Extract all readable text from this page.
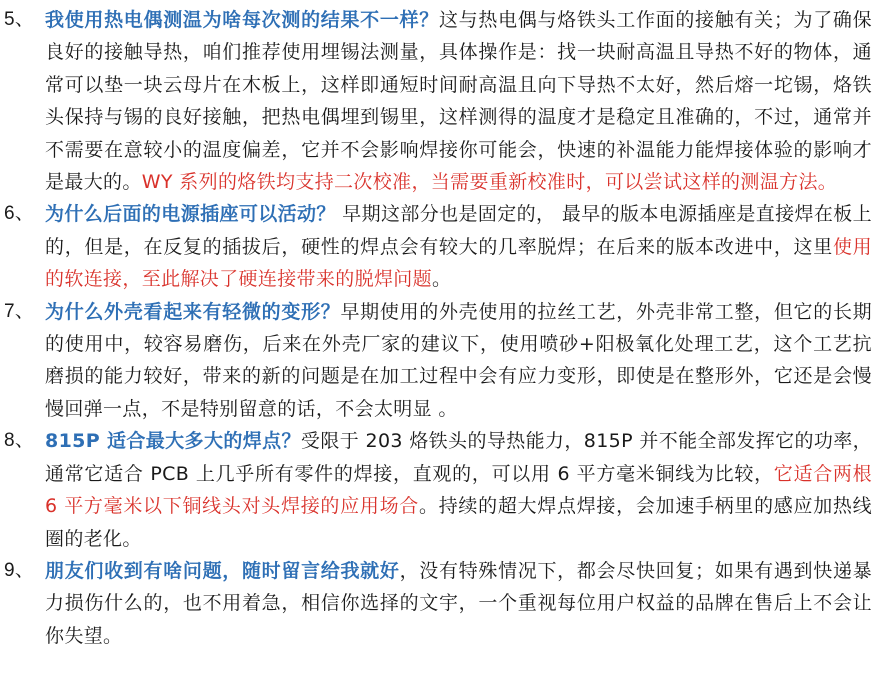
5、 我使用热电偶测温为啥每次测的结果不一样？这与热电偶与烙铁头工作面的接触有关；为了确保良好的接触导热，咱们推荐使用埋锡法测量，具体操作是：找一块耐高温且导热不好的物体，通常可以垫一块云母片在木板上，这样即通短时间耐高温且向下导热不太好，然后熔一坨锡，烙铁头保持与锡的良好接触，把热电偶埋到锡里，这样测得的温度才是稳定且准确的，不过，通常并不需要在意较小的温度偏差，它并不会影响焊接你可能会，快速的补温能力能焊接体验的影响才是最大的。WY 系列的烙铁均支持二次校准，当需要重新校准时，可以尝试这样的测温方法。
6、 为什么后面的电源插座可以活动？ 早期这部分也是固定的， 最早的版本电源插座是直接焊在板上的，但是，在反复的插拔后，硬性的焊点会有较大的几率脱焊；在后来的版本改进中，这里使用的软连接，至此解决了硬连接带来的脱焊问题。
7、 为什么外壳看起来有轻微的变形？早期使用的外壳使用的拉丝工艺，外壳非常工整，但它的长期的使用中，较容易磨伤，后来在外壳厂家的建议下，使用喷砂+阳极氧化处理工艺，这个工艺抗磨损的能力较好，带来的新的问题是在加工过程中会有应力变形，即使是在整形外，它还是会慢慢回弹一点，不是特别留意的话，不会太明显 。
8、 815P 适合最大多大的焊点？受限于 203 烙铁头的导热能力，815P 并不能全部发挥它的功率，通常它适合 PCB 上几乎所有零件的焊接，直观的，可以用 6 平方毫米铜线为比较，它适合两根 6 平方毫米以下铜线头对头焊接的应用场合。持续的超大焊点焊接，会加速手柄里的感应加热线圈的老化。
9、 朋友们收到有啥问题，随时留言给我就好，没有特殊情况下，都会尽快回复；如果有遇到快递暴力损伤什么的，也不用着急，相信你选择的文宇，一个重视每位用户权益的品牌在售后上不会让你失望。
